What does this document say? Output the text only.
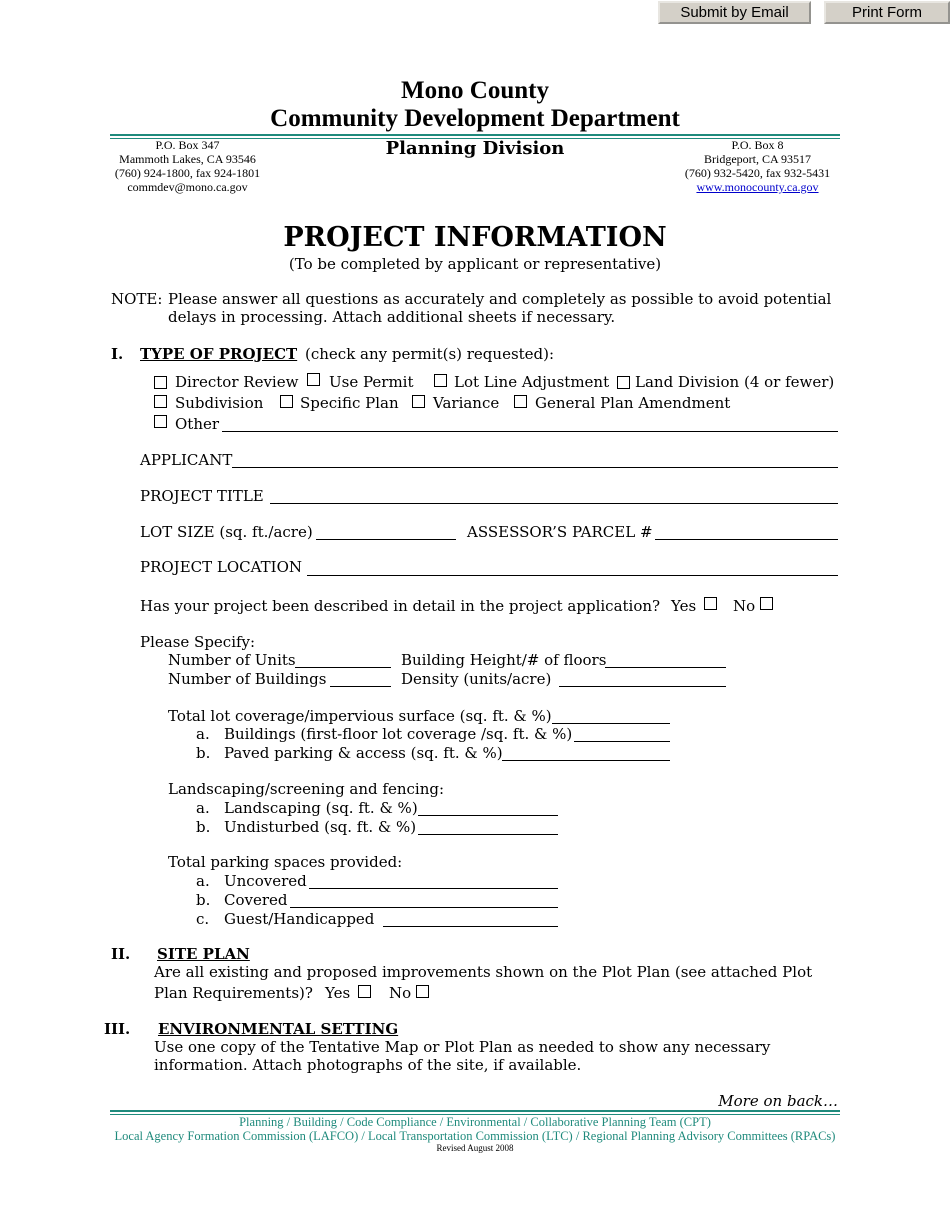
Submit by Email	Print Form
Mono County
Community Development Department
Planning Division
P.O. Box 347
Mammoth Lakes, CA 93546
(760) 924-1800, fax 924-1801
commdev@mono.ca.gov
P.O. Box 8
Bridgeport, CA 93517
(760) 932-5420, fax 932-5431
www.monocounty.ca.gov
PROJECT INFORMATION
(To be completed by applicant or representative)
NOTE: Please answer all questions as accurately and completely as possible to avoid potential
delays in processing. Attach additional sheets if necessary.
I. TYPE OF PROJECT (check any permit(s) requested):
Director Review Use Permit	Lot Line Adjustment Land Division (4 or fewer)
Subdivision Specific Plan Variance General Plan Amendment
Other
APPLICANT
PROJECT TITLE
LOT SIZE (sq. ft./acre)	ASSESSOR’S PARCEL #
PROJECT LOCATION
Has your project been described in detail in the project application? Yes No
Please Specify:
Number of Units	Building Height/# of floors
Number of Buildings	Density (units/acre)
Total lot coverage/impervious surface (sq. ft. & %)
a. Buildings (first-floor lot coverage /sq. ft. & %)
b. Paved parking & access (sq. ft. & %)
Landscaping/screening and fencing:
a. Landscaping (sq. ft. & %)
b. Undisturbed (sq. ft. & %)
Total parking spaces provided:
a. Uncovered
b. Covered
c. Guest/Handicapped
II. SITE PLAN
Are all existing and proposed improvements shown on the Plot Plan (see attached Plot
Plan Requirements)? Yes	No
III. ENVIRONMENTAL SETTING
Use one copy of the Tentative Map or Plot Plan as needed to show any necessary
information. Attach photographs of the site, if available.
More on back…
Planning / Building / Code Compliance / Environmental / Collaborative Planning Team (CPT)
Local Agency Formation Commission (LAFCO) / Local Transportation Commission (LTC) / Regional Planning Advisory Committees (RPACs)
Revised August 2008
